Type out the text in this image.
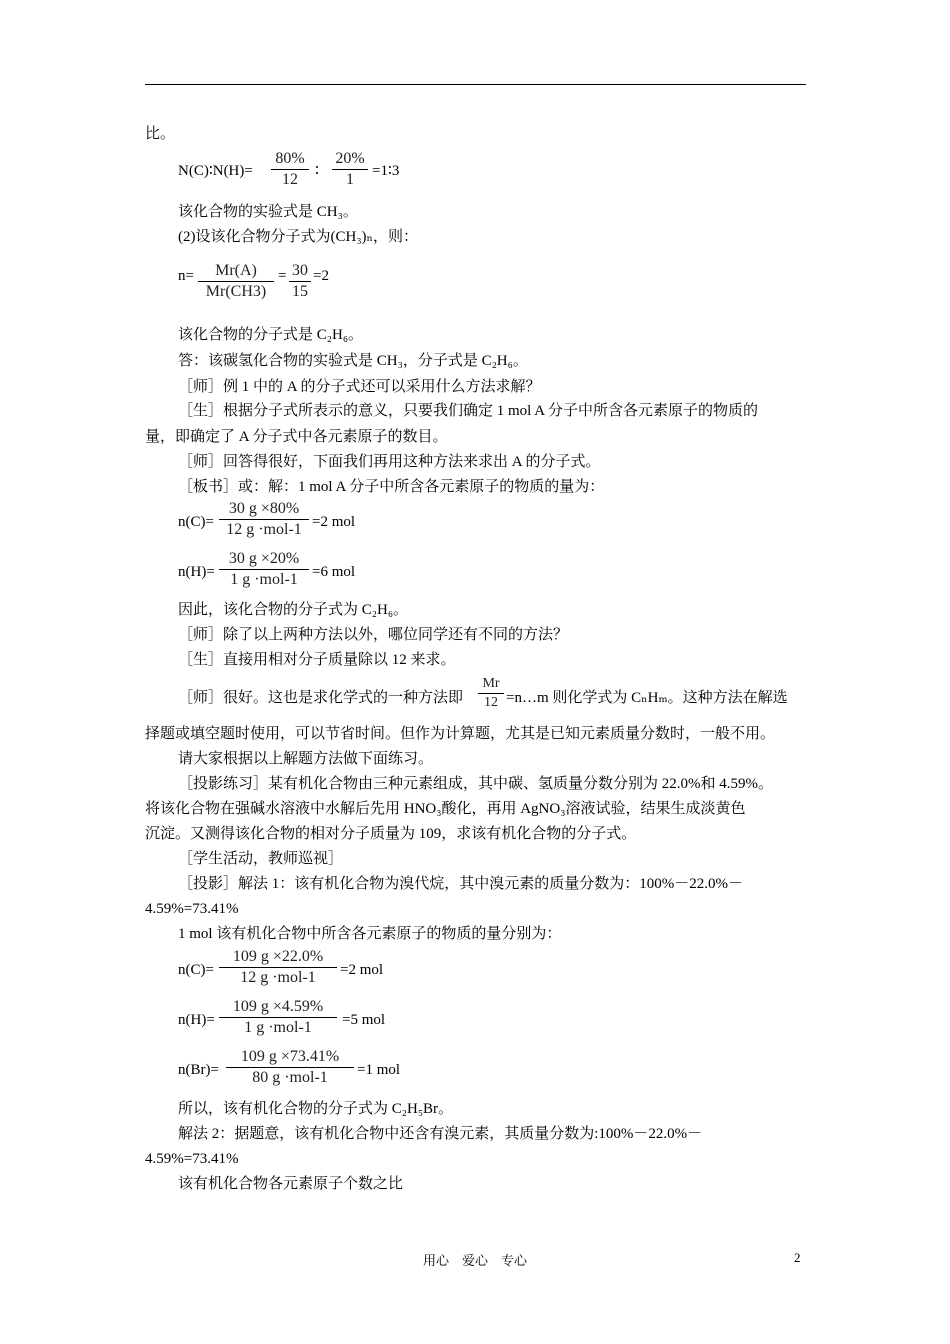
比。
N(C)∶N(H)=
80%
12	∶
20%
1	=1∶3
该化合物的实验式是 CH₃。
(2)设该化合物分子式为(CH₃)ₙ，则：
n=	Mr(A)
Mr(CH3)
= 30
15
=2
该化合物的分子式是 C₂H₆。
答：该碳氢化合物的实验式是 CH₃，分子式是 C₂H₆。
［师］例 1 中的 A 的分子式还可以采用什么方法求解？
［生］根据分子式所表示的意义，只要我们确定 1 mol A 分子中所含各元素原子的物质的
量，即确定了 A 分子式中各元素原子的数目。
［师］回答得很好，下面我们再用这种方法来求出 A 的分子式。
［板书］或：解：1 mol A 分子中所含各元素原子的物质的量为：
n(C)=
30 g ×80%
12 g ·mol-1 =2 mol
n(H)=
30 g ×20%
1 g ·mol-1 =6 mol
因此，该化合物的分子式为 C₂H₆。
［师］除了以上两种方法以外，哪位同学还有不同的方法？
［生］直接用相对分子质量除以 12 来求。
［师］很好。这也是求化学式的一种方法即
Mr
12 =n…m 则化学式为 CₙHₘ。这种方法在解选
择题或填空题时使用，可以节省时间。但作为计算题，尤其是已知元素质量分数时，一般不用。
请大家根据以上解题方法做下面练习。
［投影练习］某有机化合物由三种元素组成，其中碳、氢质量分数分别为 22.0%和 4.59%。
将该化合物在强碱水溶液中水解后先用 HNO₃酸化，再用 AgNO₃溶液试验，结果生成淡黄色
沉淀。又测得该化合物的相对分子质量为 109，求该有机化合物的分子式。
［学生活动，教师巡视］
［投影］解法 1：该有机化合物为溴代烷，其中溴元素的质量分数为：100%－22.0%－
4.59%=73.41%
1 mol 该有机化合物中所含各元素原子的物质的量分别为：
n(C)=
109 g ×22.0%
12 g ·mol-1	=2 mol
n(H)=
109 g ×4.59%
1 g ·mol-1	=5 mol
n(Br)=
109 g ×73.41%
80 g ·mol-1	=1 mol
所以，该有机化合物的分子式为 C₂H₅Br。
解法 2：据题意，该有机化合物中还含有溴元素，其质量分数为:100%－22.0%－
4.59%=73.41%
该有机化合物各元素原子个数之比
用心　爱心　专心	2
